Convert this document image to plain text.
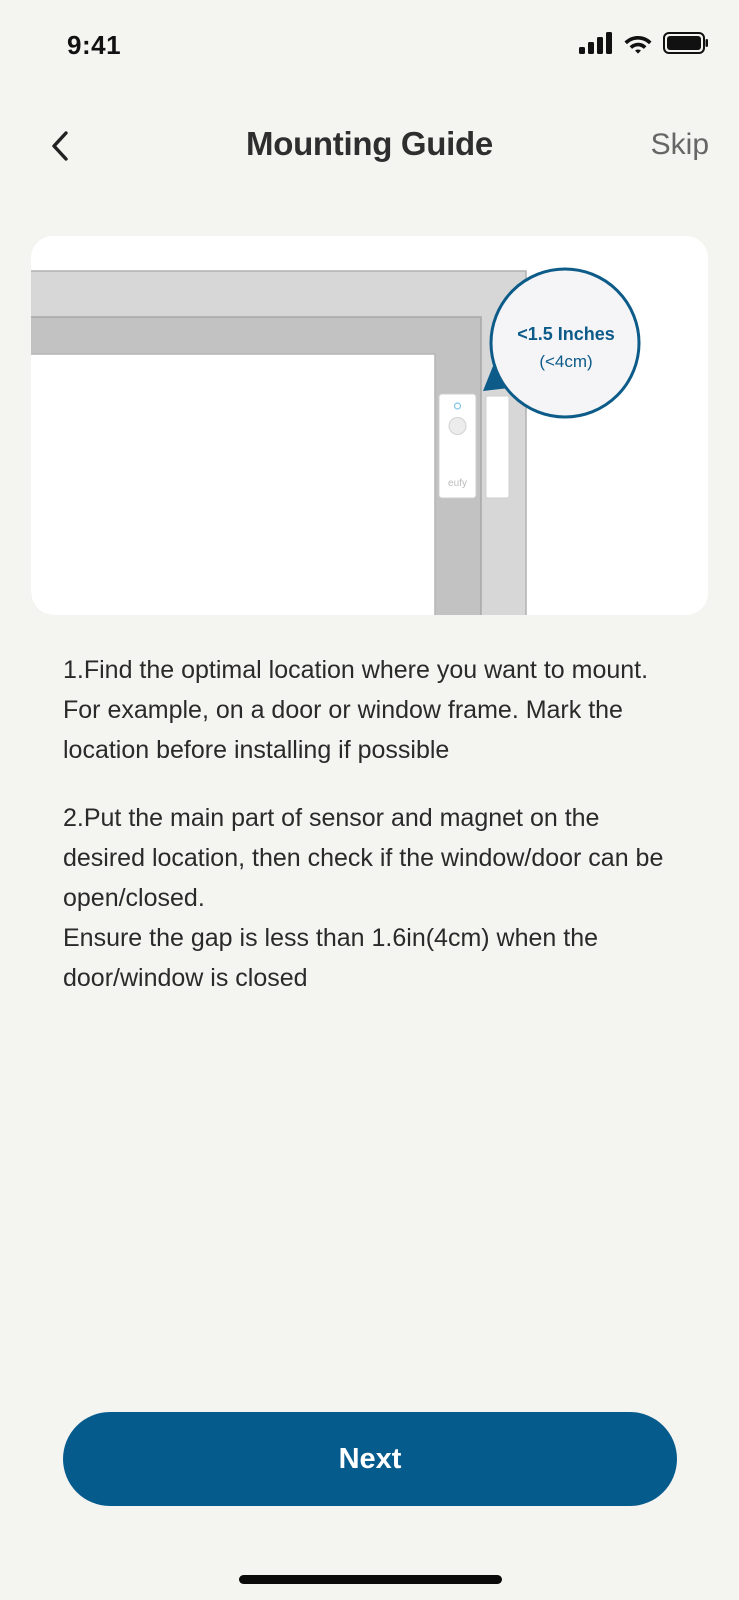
9:41
Mounting Guide	Skip
eufy
<1.5 Inches
(<4cm)

1.Find the optimal location where you want to mount.

For example, on a door or window frame. Mark the location before installing if possible

2.Put the main part of sensor and magnet on the desired location, then check if the window/door can be open/closed.

Ensure the gap is less than 1.6in(4cm) when the door/window is closed

Next
